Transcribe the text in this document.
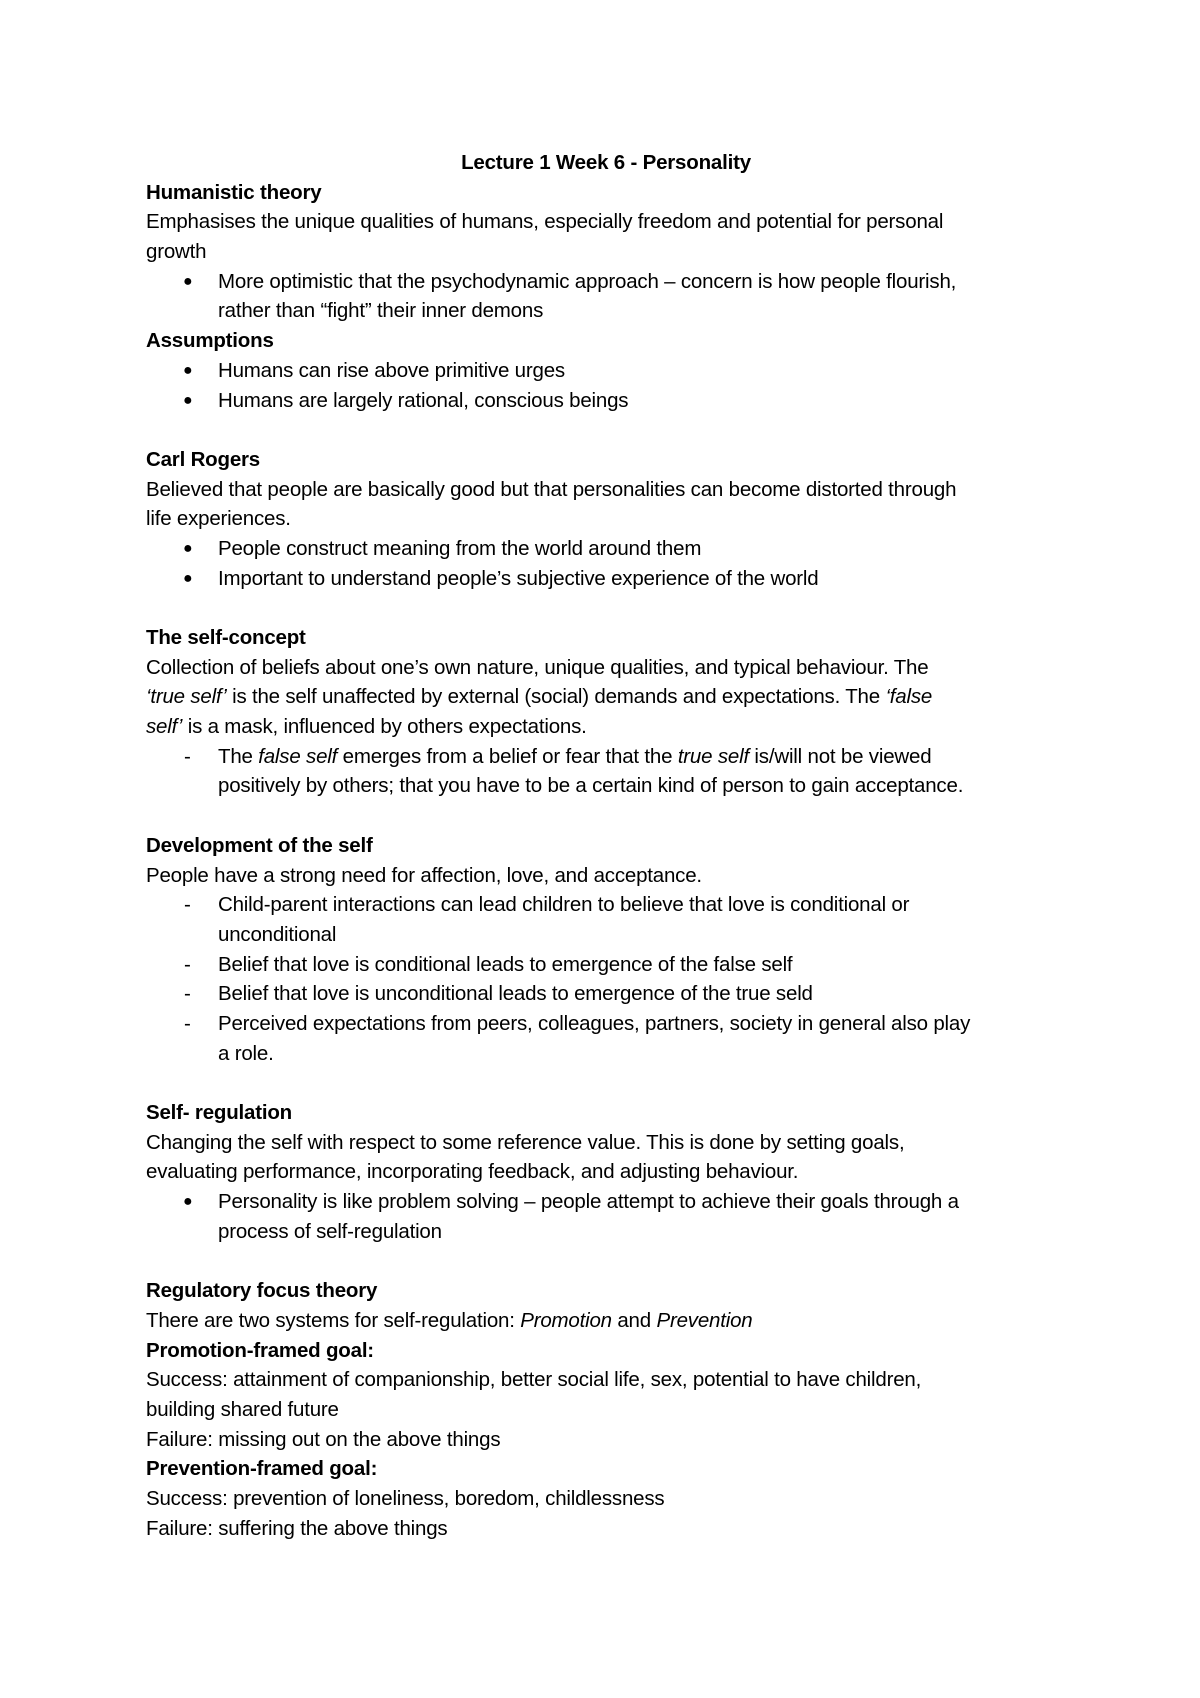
Lecture 1 Week 6 - Personality

Humanistic theory

Emphasises the unique qualities of humans, especially freedom and potential for personal

growth

● More optimistic that the psychodynamic approach – concern is how people flourish,
rather than “fight” their inner demons

Assumptions

● Humans can rise above primitive urges
● Humans are largely rational, conscious beings

Carl Rogers

Believed that people are basically good but that personalities can become distorted through

life experiences.

● People construct meaning from the world around them
● Important to understand people’s subjective experience of the world

The self-concept

Collection of beliefs about one’s own nature, unique qualities, and typical behaviour. The

‘true self’ is the self unaffected by external (social) demands and expectations. The ‘false

self’ is a mask, influenced by others expectations.

- The false self emerges from a belief or fear that the true self is/will not be viewed
positively by others; that you have to be a certain kind of person to gain acceptance.

Development of the self

People have a strong need for affection, love, and acceptance.

- Child-parent interactions can lead children to believe that love is conditional or
unconditional
- Belief that love is conditional leads to emergence of the false self
- Belief that love is unconditional leads to emergence of the true seld
- Perceived expectations from peers, colleagues, partners, society in general also play
a role.

Self- regulation

Changing the self with respect to some reference value. This is done by setting goals,

evaluating performance, incorporating feedback, and adjusting behaviour.

● Personality is like problem solving – people attempt to achieve their goals through a
process of self-regulation

Regulatory focus theory

There are two systems for self-regulation: Promotion and Prevention

Promotion-framed goal:

Success: attainment of companionship, better social life, sex, potential to have children,

building shared future

Failure: missing out on the above things

Prevention-framed goal:

Success: prevention of loneliness, boredom, childlessness

Failure: suffering the above things
